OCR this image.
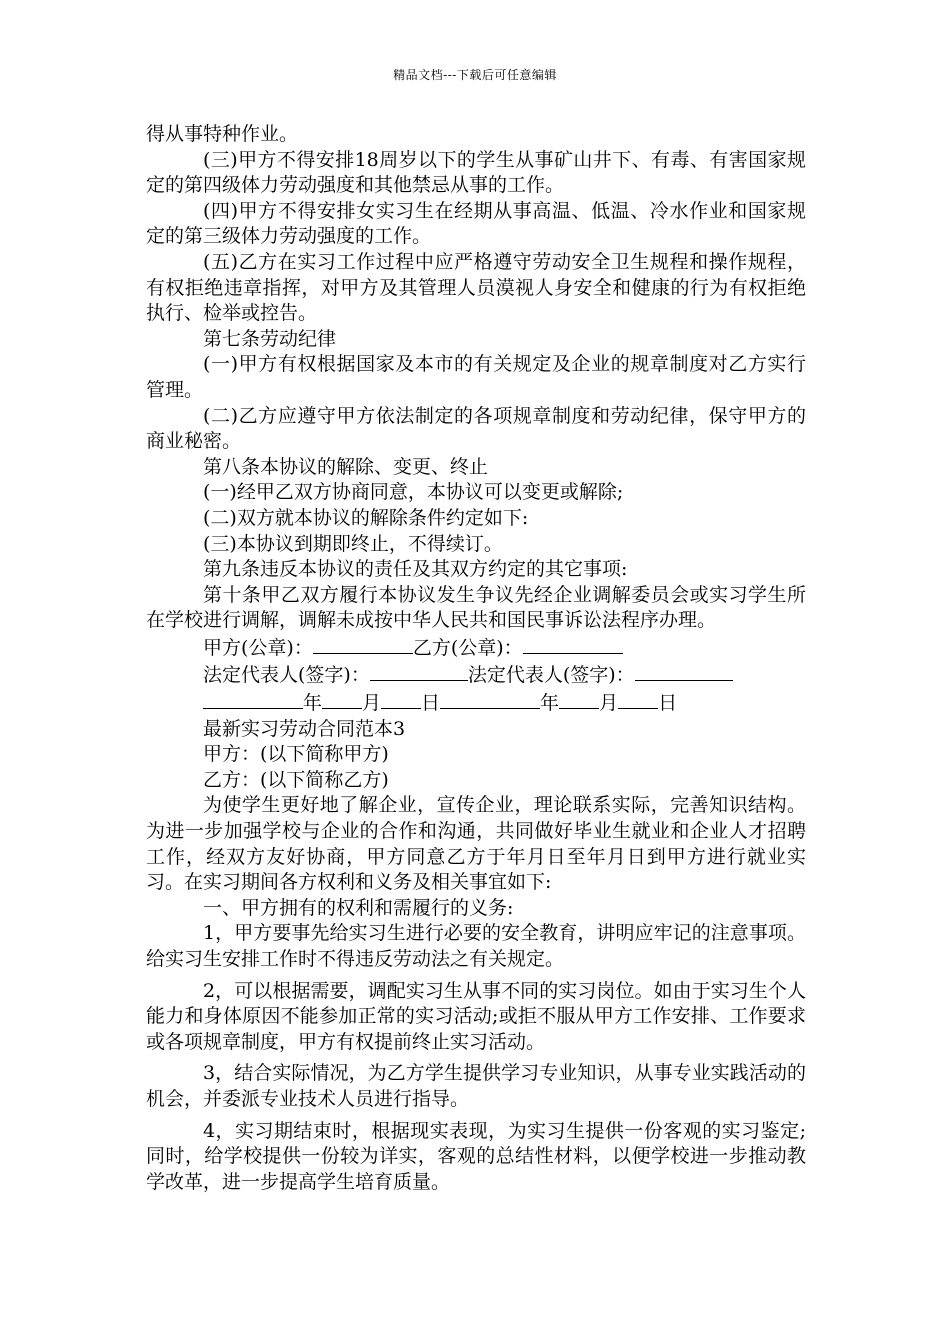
精品文档---下载后可任意编辑

得从事特种作业。

(三)甲方不得安排18周岁以下的学生从事矿山井下、有毒、有害国家规定的第四级体力劳动强度和其他禁忌从事的工作。

(四)甲方不得安排女实习生在经期从事高温、低温、冷水作业和国家规定的第三级体力劳动强度的工作。

(五)乙方在实习工作过程中应严格遵守劳动安全卫生规程和操作规程，有权拒绝违章指挥，对甲方及其管理人员漠视人身安全和健康的行为有权拒绝执行、检举或控告。

第七条劳动纪律

(一)甲方有权根据国家及本市的有关规定及企业的规章制度对乙方实行管理。

(二)乙方应遵守甲方依法制定的各项规章制度和劳动纪律，保守甲方的商业秘密。

第八条本协议的解除、变更、终止

(一)经甲乙双方协商同意，本协议可以变更或解除;

(二)双方就本协议的解除条件约定如下:

(三)本协议到期即终止，不得续订。

第九条违反本协议的责任及其双方约定的其它事项:

第十条甲乙双方履行本协议发生争议先经企业调解委员会或实习学生所在学校进行调解，调解未成按中华人民共和国民事诉讼法程序办理。

甲方(公章)：	乙方(公章)：

法定代表人(签字)：	法定代表人(签字)：

年 月 日	年 月 日

最新实习劳动合同范本3

甲方：(以下简称甲方)

乙方：(以下简称乙方)

为使学生更好地了解企业，宣传企业，理论联系实际，完善知识结构。为进一步加强学校与企业的合作和沟通，共同做好毕业生就业和企业人才招聘工作，经双方友好协商，甲方同意乙方于年月日至年月日到甲方进行就业实习。在实习期间各方权利和义务及相关事宜如下:

一、甲方拥有的权利和需履行的义务:

1，甲方要事先给实习生进行必要的安全教育，讲明应牢记的注意事项。给实习生安排工作时不得违反劳动法之有关规定。

2，可以根据需要，调配实习生从事不同的实习岗位。如由于实习生个人能力和身体原因不能参加正常的实习活动;或拒不服从甲方工作安排、工作要求或各项规章制度，甲方有权提前终止实习活动。

3，结合实际情况，为乙方学生提供学习专业知识，从事专业实践活动的机会，并委派专业技术人员进行指导。

4，实习期结束时，根据现实表现，为实习生提供一份客观的实习鉴定;同时，给学校提供一份较为详实，客观的总结性材料，以便学校进一步推动教学改革，进一步提高学生培育质量。
